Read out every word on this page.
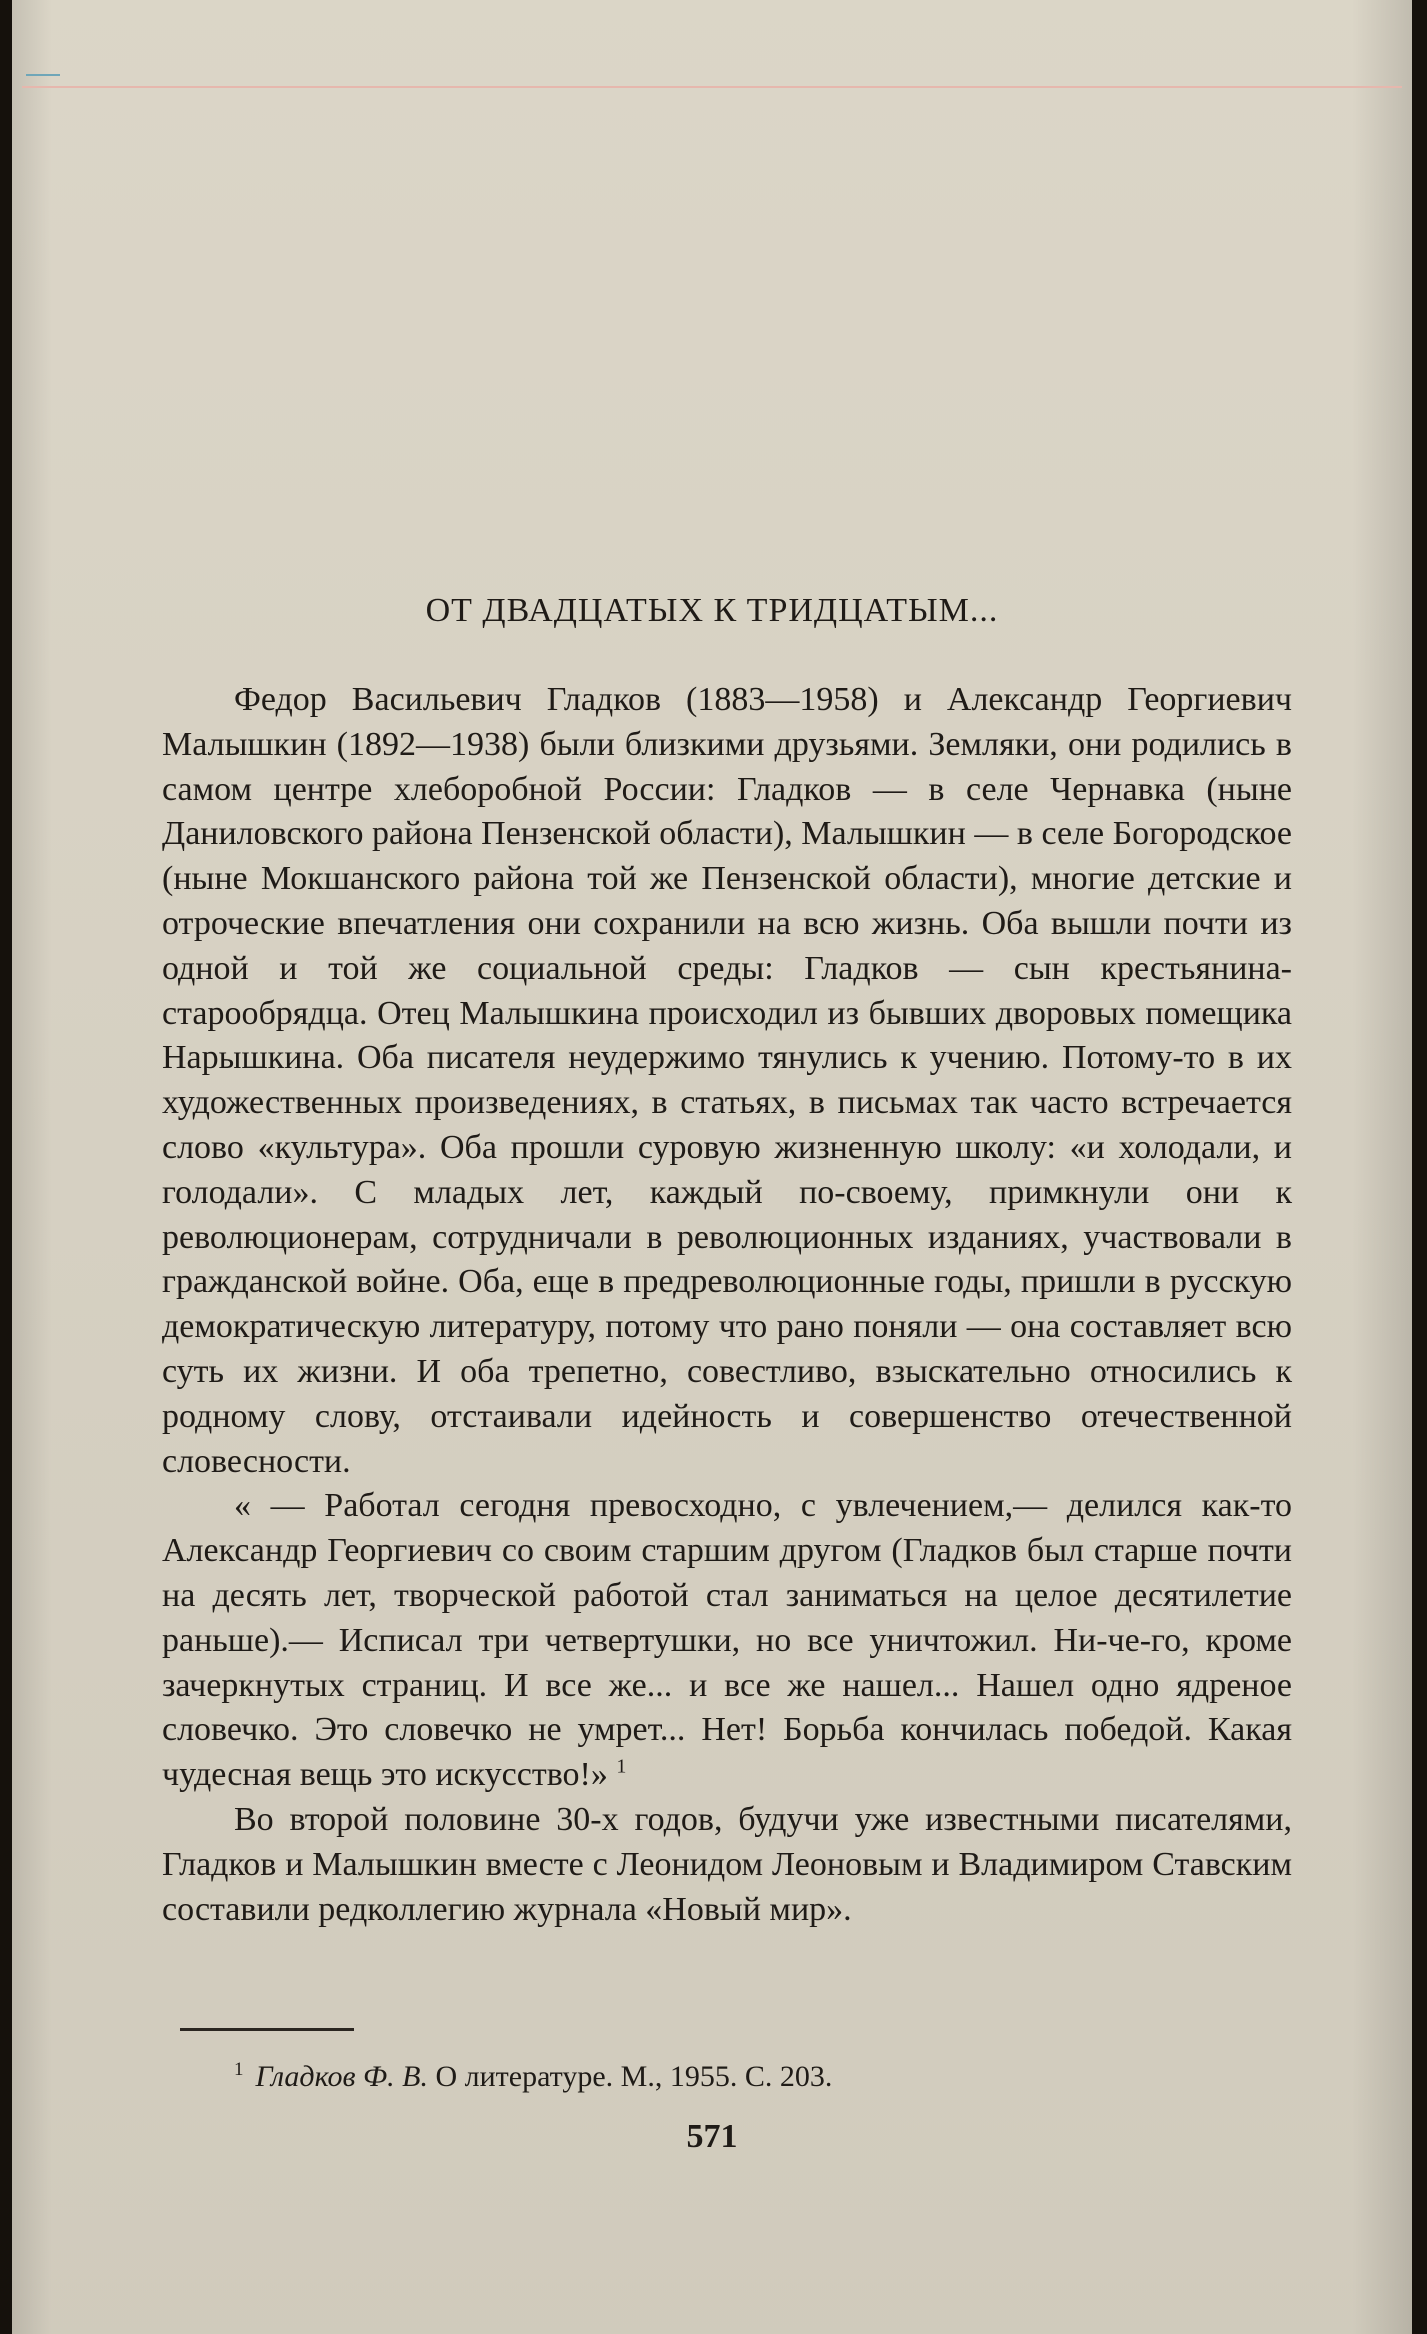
ОТ ДВАДЦАТЫХ К ТРИДЦАТЫМ...

Федор Васильевич Гладков (1883—1958) и Александр Георгиевич Малышкин (1892—1938) были близкими друзьями. Земляки, они родились в самом центре хлеборобной России: Гладков — в селе Чернавка (ныне Даниловского района Пензенской области), Малышкин — в селе Богородское (ныне Мокшанского района той же Пензенской области), многие детские и отроческие впечатления они сохранили на всю жизнь. Оба вышли почти из одной и той же социальной среды: Гладков — сын крестьянина-старообрядца. Отец Малышкина происходил из бывших дворовых помещика Нарышкина. Оба писателя неудержимо тянулись к учению. Потому-то в их художественных произведениях, в статьях, в письмах так часто встречается слово «культура». Оба прошли суровую жизненную школу: «и холодали, и голодали». С младых лет, каждый по-своему, примкнули они к революционерам, сотрудничали в революционных изданиях, участвовали в гражданской войне. Оба, еще в предреволюционные годы, пришли в русскую демократическую литературу, потому что рано поняли — она составляет всю суть их жизни. И оба трепетно, совестливо, взыскательно относились к родному слову, отстаивали идейность и совершенство отечественной словесности.

« — Работал сегодня превосходно, с увлечением,— делился как-то Александр Георгиевич со своим старшим другом (Гладков был старше почти на десять лет, творческой работой стал заниматься на целое десятилетие раньше).— Исписал три четвертушки, но все уничтожил. Ни-че-го, кроме зачеркнутых страниц. И все же... и все же нашел... Нашел одно ядреное словечко. Это словечко не умрет... Нет! Борьба кончилась победой. Какая чудесная вещь это искусство!» $^1$

Во второй половине 30-х годов, будучи уже известными писателями, Гладков и Малышкин вместе с Леонидом Леоновым и Владимиром Ставским составили редколлегию журнала «Новый мир».

$^1$ Гладков Ф. В. О литературе. М., 1955. С. 203.
571
